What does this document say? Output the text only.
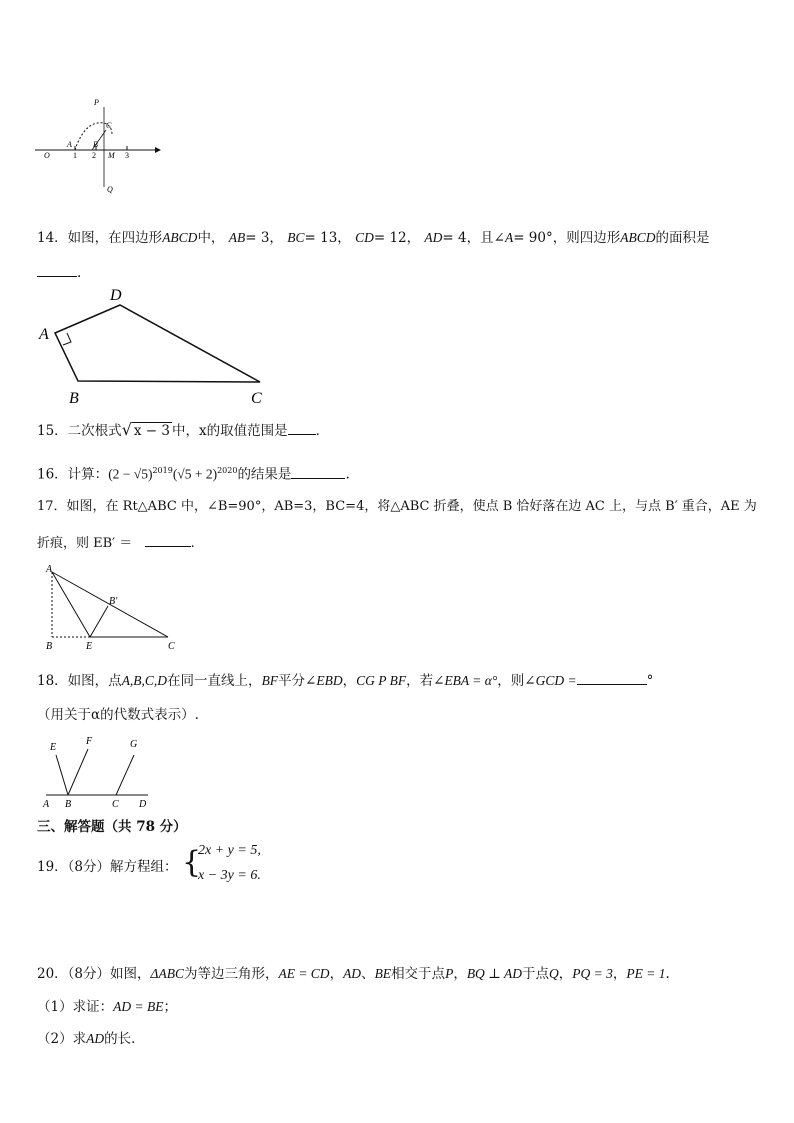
P
C
A	B
M
Q
O	1 2	3
14．如图，在四边形ABCD中， AB= 3， BC= 13， CD= 12， AD= 4，且∠A= 90°，则四边形ABCD的面积是
.
A
B	C
D
15．二次根式√ x − 3 中，x的取值范围是 ．
16．计算：$(2 - √5)^{2019}(√5 + 2)^{2020}$的结果是	.
17．如图，在 Rt△ABC 中，∠B=90°，AB=3，BC=4，将△ABC 折叠，使点 B 恰好落在边 AC 上，与点 B′ 重合，AE 为
折痕，则 EB′ ＝	.
A
B′
B	E	C
18．如图，点A,B,C,D在同一直线上，BF平分∠EBD，CG P BF，若∠EBA = α°，则∠GCD =	°
（用关于α的代数式表示）.
E
F	G
A B	C D
三、解答题（共 78 分）
19．（8分）解方程组： {
2x + y = 5,
x − 3y = 6.
20．（8分）如图，ΔABC为等边三角形，AE = CD，AD、BE相交于点P，BQ ⊥ AD于点Q，PQ = 3，PE = 1.
（1）求证：AD = BE；
（2）求AD的长.
